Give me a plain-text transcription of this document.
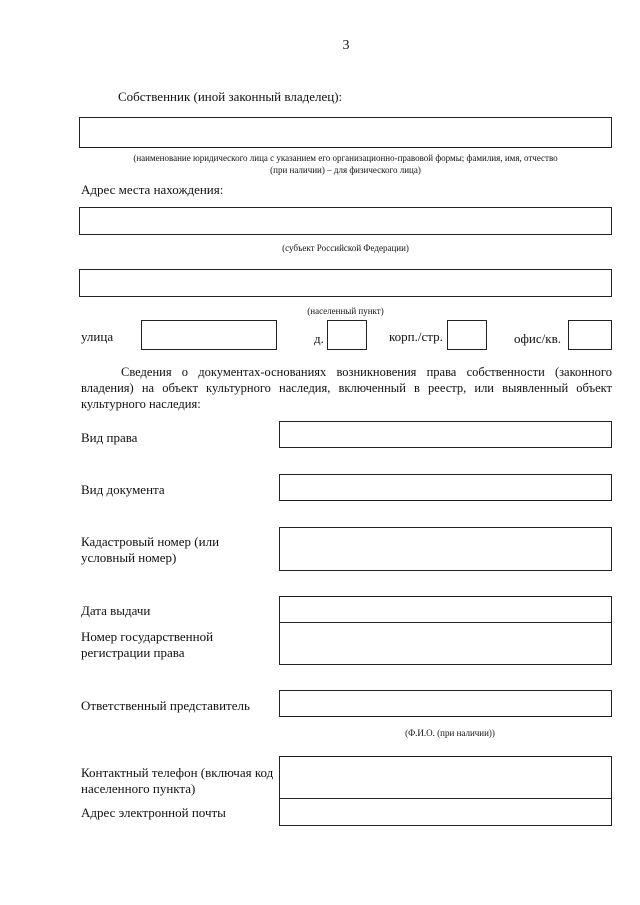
3
Собственник (иной законный владелец):
(наименование юридического лица с указанием его организационно-правовой формы; фамилия, имя, отчество
(при наличии) – для физического лица)
Адрес места нахождения:
(субъект Российской Федерации)
(населенный пункт)
улица	д.	корп./стр.	офис/кв.
Сведения о документах-основаниях возникновения права собственности (законного владения) на объект культурного наследия, включенный в реестр, или выявленный объект культурного наследия:
Вид права
Вид документа
Кадастровый номер (или
условный номер)
Дата выдачи
Номер государственной
регистрации права
Ответственный представитель
(Ф.И.О. (при наличии))
Контактный телефон (включая код
населенного пункта)
Адрес электронной почты
